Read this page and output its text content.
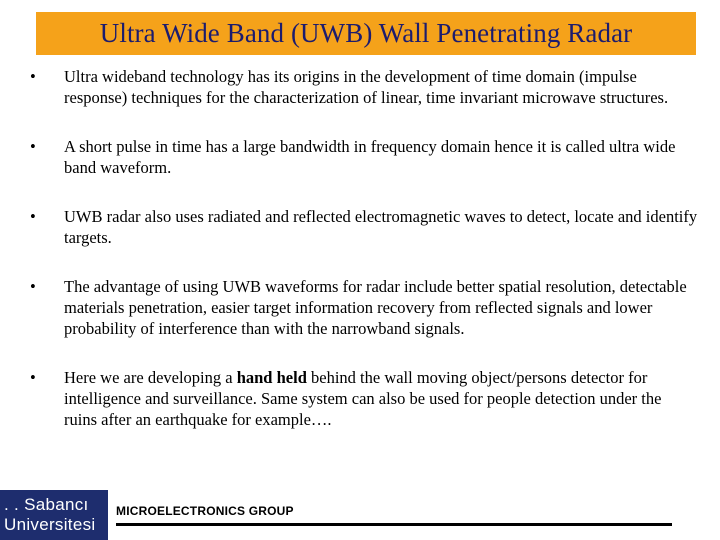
Ultra Wide Band (UWB) Wall Penetrating Radar
• Ultra wideband technology has its origins in the development of time domain (impulse response) techniques for the characterization of linear, time invariant microwave structures.
• A short pulse in time has a large bandwidth in frequency domain hence it is called ultra wide band waveform.
• UWB radar also uses radiated and reflected electromagnetic waves to detect, locate and identify targets.
• The advantage of using UWB waveforms for radar include better spatial resolution, detectable materials penetration, easier target information recovery from reflected signals and lower probability of interference than with the narrowband signals.
• Here we are developing a hand held behind the wall moving object/persons detector for intelligence and surveillance. Same system can also be used for people detection under the ruins after an earthquake for example….
. . Sabancı
Universitesi
MICROELECTRONICS GROUP
